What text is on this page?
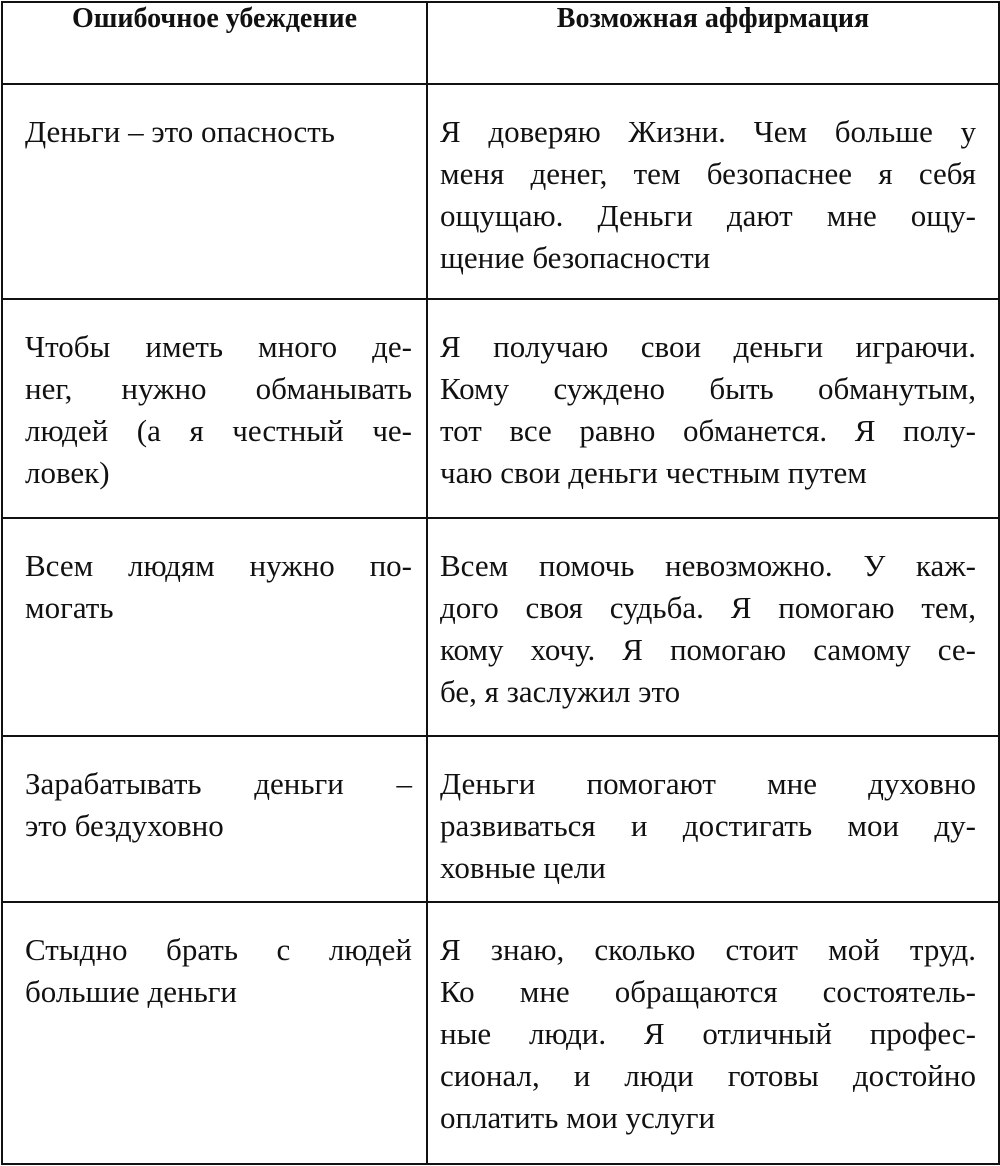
Ошибочное убеждение	Возможная аффирмация

Деньги – это опасность	Я доверяю Жизни. Чем больше у
меня денег, тем безопаснее я себя
ощущаю. Деньги дают мне ощу-
щение безопасности

Чтобы иметь много де-
нег, нужно обманывать
людей (а я честный че-
ловек)	Я получаю свои деньги играючи.
Кому суждено быть обманутым,
тот все равно обманется. Я полу-
чаю свои деньги честным путем

Всем людям нужно по-
могать	Всем помочь невозможно. У каж-
дого своя судьба. Я помогаю тем,
кому хочу. Я помогаю самому се-
бе, я заслужил это

Зарабатывать деньги –
это бездуховно	Деньги помогают мне духовно
развиваться и достигать мои ду-
ховные цели

Стыдно брать с людей
большие деньги	Я знаю, сколько стоит мой труд.
Ко мне обращаются состоятель-
ные люди. Я отличный профес-
сионал, и люди готовы достойно
оплатить мои услуги
